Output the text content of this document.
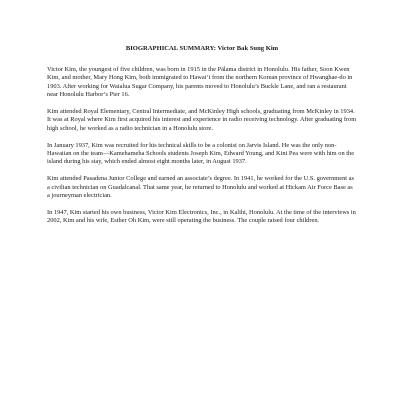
BIOGRAPHICAL SUMMARY: Victor Bak Sung Kim

Victor Kim, the youngest of five children, was born in 1915 in the Pālama district in Honolulu. His father, Soon Kwen Kim, and mother, Mary Hong Kim, both immigrated to Hawai‘i from the northern Korean province of Hwanghae-do in 1903. After working for Waialua Sugar Company, his parents moved to Honolulu’s Buckle Lane, and ran a restaurant near Honolulu Harbor’s Pier 16.

Kim attended Royal Elementary, Central Intermediate, and McKinley High schools, graduating from McKinley in 1934. It was at Royal where Kim first acquired his interest and experience in radio receiving technology. After graduating from high school, he worked as a radio technician in a Honolulu store.

In January 1937, Kim was recruited for his technical skills to be a colonist on Jarvis Island. He was the only non-Hawaiian on the team—Kamehameha Schools students Joseph Kim, Edward Young, and Kini Pea were with him on the island during his stay, which ended almost eight months later, in August 1937.

Kim attended Pasadena Junior College and earned an associate’s degree. In 1941, he worked for the U.S. government as a civilian technician on Guadalcanal. That same year, he returned to Honolulu and worked at Hickam Air Force Base as a journeyman electrician.

In 1947, Kim started his own business, Victor Kim Electronics, Inc., in Kalihi, Honolulu. At the time of the interviews in 2002, Kim and his wife, Esther Oh Kim, were still operating the business. The couple raised four children.
